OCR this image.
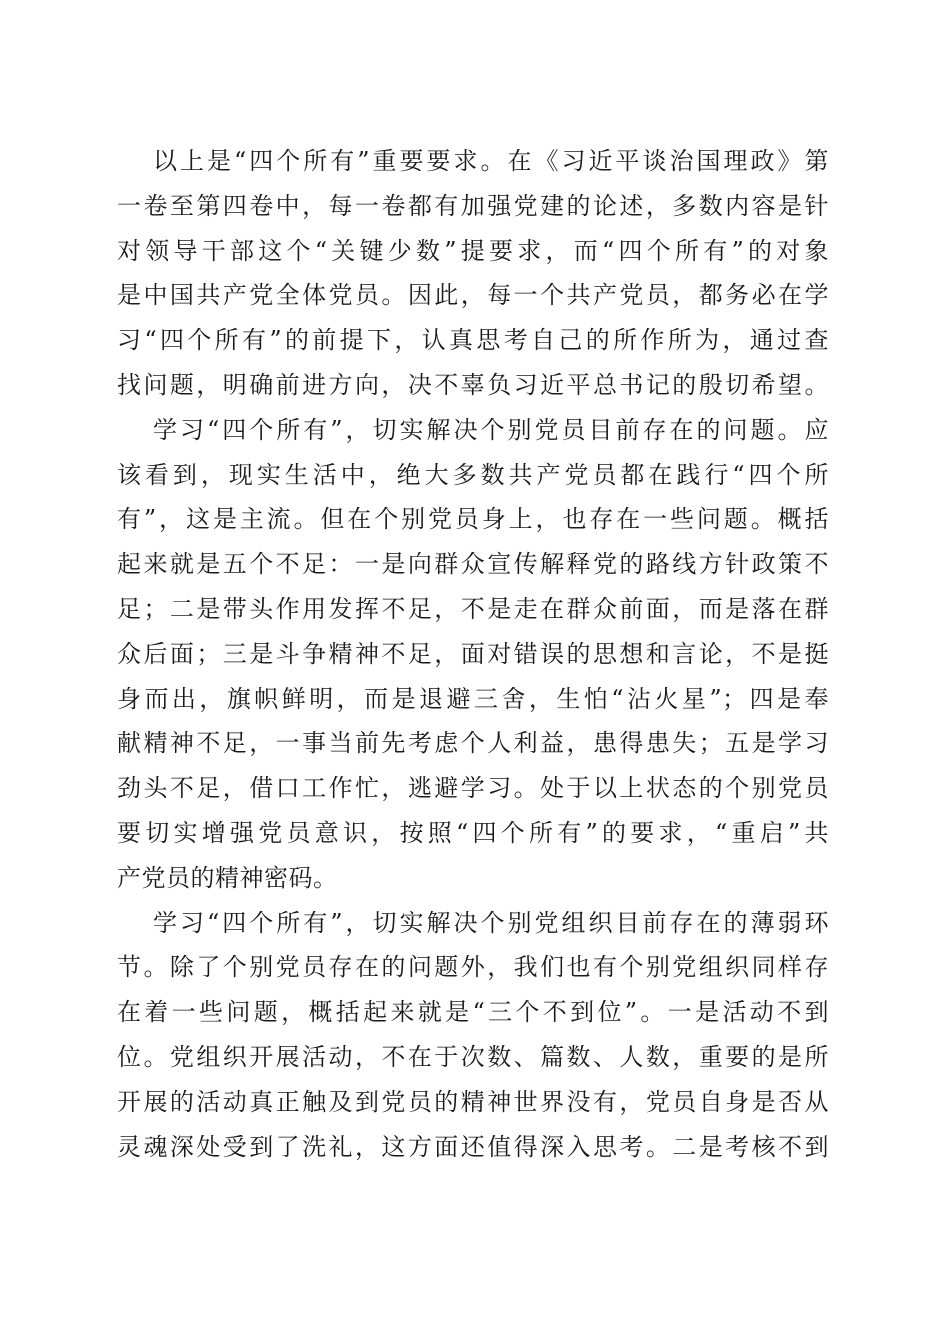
以上是“四个所有”重要要求。在《习近平谈治国理政》第
一卷至第四卷中，每一卷都有加强党建的论述，多数内容是针
对领导干部这个“关键少数”提要求，而“四个所有”的对象
是中国共产党全体党员。因此，每一个共产党员，都务必在学
习“四个所有”的前提下，认真思考自己的所作所为，通过查
找问题，明确前进方向，决不辜负习近平总书记的殷切希望。
学习“四个所有”，切实解决个别党员目前存在的问题。应
该看到，现实生活中，绝大多数共产党员都在践行“四个所
有”，这是主流。但在个别党员身上，也存在一些问题。概括
起来就是五个不足：一是向群众宣传解释党的路线方针政策不
足；二是带头作用发挥不足，不是走在群众前面，而是落在群
众后面；三是斗争精神不足，面对错误的思想和言论，不是挺
身而出，旗帜鲜明，而是退避三舍，生怕“沾火星”；四是奉
献精神不足，一事当前先考虑个人利益，患得患失；五是学习
劲头不足，借口工作忙，逃避学习。处于以上状态的个别党员
要切实增强党员意识，按照“四个所有”的要求，“重启”共
产党员的精神密码。
学习“四个所有”，切实解决个别党组织目前存在的薄弱环
节。除了个别党员存在的问题外，我们也有个别党组织同样存
在着一些问题，概括起来就是“三个不到位”。一是活动不到
位。党组织开展活动，不在于次数、篇数、人数，重要的是所
开展的活动真正触及到党员的精神世界没有，党员自身是否从
灵魂深处受到了洗礼，这方面还值得深入思考。二是考核不到
